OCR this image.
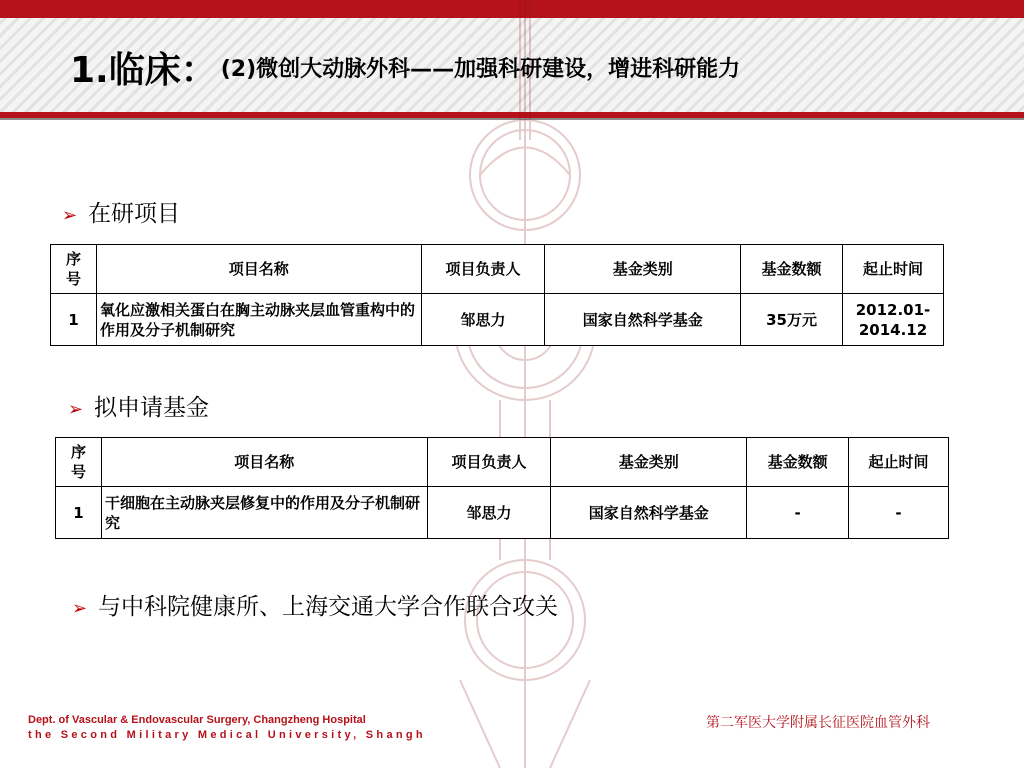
1.临床： (2)微创大动脉外科——加强科研建设，增进科研能力
➢ 在研项目
序号	项目名称	项目负责人	基金类别	基金数额	起止时间
1	氧化应激相关蛋白在胸主动脉夹层血管重构中的作用及分子机制研究	邹思力	国家自然科学基金	35万元	2012.01-2014.12
➢ 拟申请基金
序号	项目名称	项目负责人	基金类别	基金数额	起止时间
1	干细胞在主动脉夹层修复中的作用及分子机制研究	邹思力	国家自然科学基金	-	-
➢ 与中科院健康所、上海交通大学合作联合攻关
Dept. of Vascular & Endovascular Surgery, Changzheng Hospital
the Second Military Medical University, Shangh
第二军医大学附属长征医院血管外科
